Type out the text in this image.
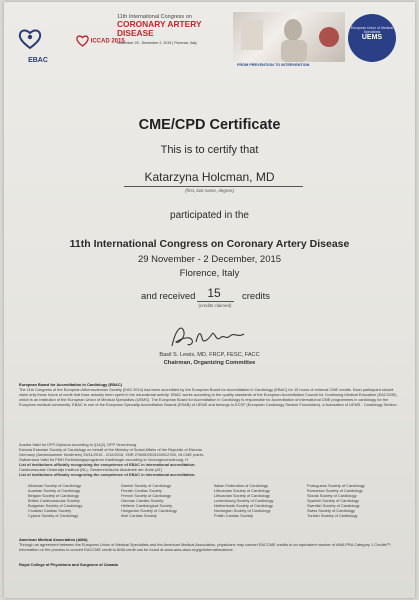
EBAC
ICCAD 2015
11th International Congress on
CORONARY ARTERY DISEASE
November 29 - December 2, 2015 | Florence, Italy
FROM PREVENTION TO INTERVENTION
European Union of Medical Specialists
UEMS
CME/CPD Certificate
This is to certify that
Katarzyna Holcman, MD
(first, last name, degree)
participated in the
11th International Congress on Coronary Artery Disease
29 November - 2 December, 2015
Florence, Italy
and received 15
(credits claimed)
credits
Basil S. Lewis, MD, FRCP, FESC, FACC
Chairman, Organizing Committee
European Board for Accreditation in Cardiology (EBAC)
The 11th Congress of the European Atherosclerosis Society (EAS 2014) has been accredited by the European Board for Accreditation in Cardiology (EBAC) for 15 hours of external CME credits. Each participant should claim only those hours of credit that have actually been spent in the educational activity. EBAC works according to the quality standards of the European Accreditation Council for Continuing Medical Education (EACCME), which is an institution of the European Union of Medical Specialists (UEMS). The European Board for Accreditation in Cardiology is responsible for Accreditation of international CME programmes in cardiology for the European medical community. EBAC is one of the European Specialty Accreditation Boards (ESAB) of UEMS and belongs to ECSF (European Cardiology Section Foundation), a foundation of UEMS - Cardiology Section.
Austria Valid for DFP-Diploma according to §14(2), DFP Verordnung
Estonia Estonian Society of Cardiology on behalf of the Ministry of Social Affairs of the Republic of Estonia
Germany (Aerztekammer Nordrhein) 29/11/2015 - 2/12/2015, VNR 2760602015139012765, 15 CME points
Switzerland Valid for FMH Fortbildungsprogramm Kardiologie according to Vorsorgeverordnung, H
List of institutions officially recognizing the competence of EBAC in international accreditation:
Cardiovasculair Onderwijs Instituut (NL), Oesterreichische Akademie der Ärzte (AT)
List of institutions officially recognizing the competence of EBAC in international accreditation:
Albanian Society of Cardiology	Danish Society of Cardiology	Italian Federation of Cardiology	Portuguese Society of Cardiology
Austrian Society of Cardiology	Finnish Cardiac Society	Lithuanian Society of Cardiology	Romanian Society of Cardiology
Belgian Society of Cardiology	French Society of Cardiology	Lithuanian Society of Cardiology	Slovak Society of Cardiology
British Cardiovascular Society	German Cardiac Society	Luxembourg Society of Cardiology	Spanish Society of Cardiology
Bulgarian Society of Cardiology	Hellenic Cardiological Society	Netherlands Society of Cardiology	Swedish Society of Cardiology
Croatian Cardiac Society	Hungarian Society of Cardiology	Norwegian Society of Cardiology	Swiss Society of Cardiology
Cyprus Society of Cardiology	Irish Cardiac Society	Polish Cardiac Society	Turkish Society of Cardiology
American Medical Association (AMA)
Through an agreement between the European Union of Medical Specialists and the American Medical Association, physicians may convert EACCME credits to an equivalent number of AMA PRA Category 1 Credits™. Information on the process to convert EACCME credit to AMA credit can be found at www.ama-assn.org/go/internationalcme.
Royal College of Physicians and Surgeons of Canada
